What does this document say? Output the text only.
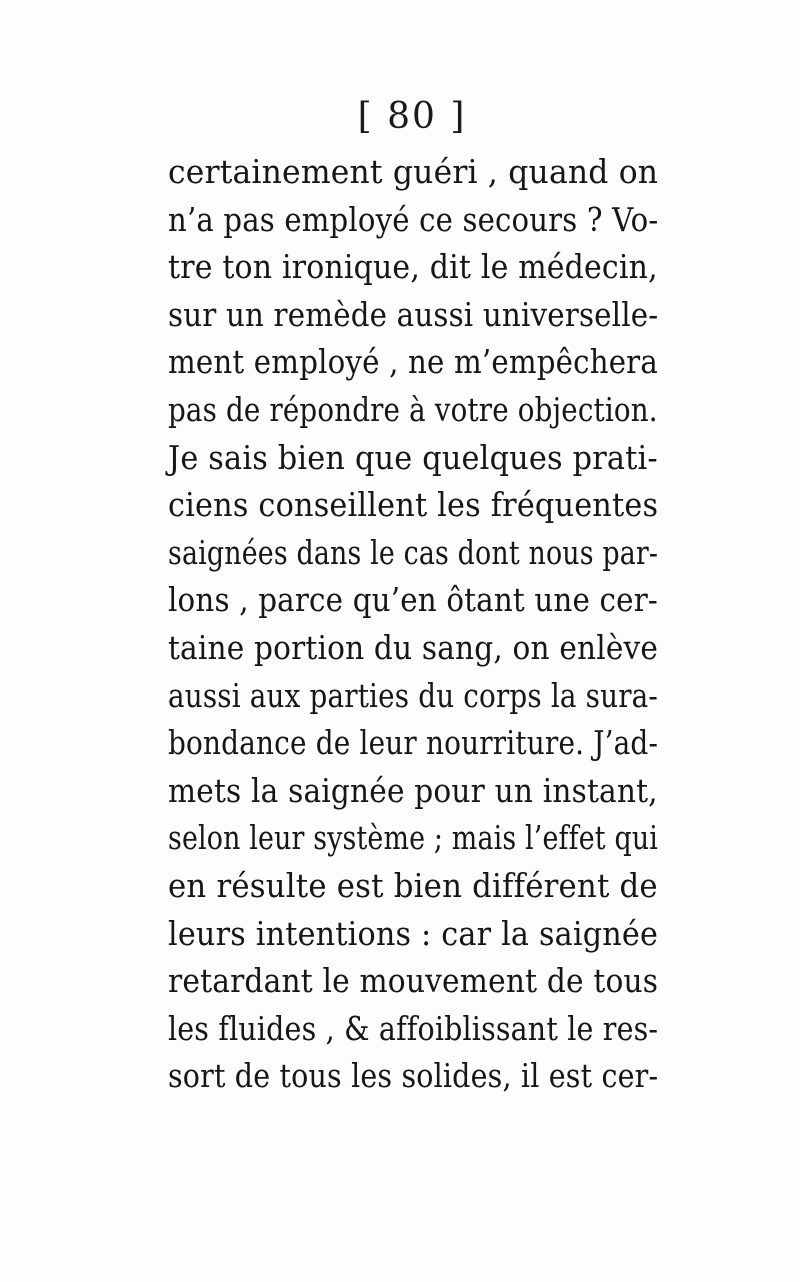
[ 80 ]
certainement guéri , quand on
n’a pas employé ce secours ? Vo-
tre ton ironique, dit le médecin,
sur un remède aussi universelle-
ment employé , ne m’empêchera
pas de répondre à votre objection.
Je sais bien que quelques prati-
ciens conseillent les fréquentes
saignées dans le cas dont nous par-
lons , parce qu’en ôtant une cer-
taine portion du sang, on enlève
aussi aux parties du corps la sura-
bondance de leur nourriture. J’ad-
mets la saignée pour un instant,
selon leur système ; mais l’effet qui
en résulte est bien différent de
leurs intentions : car la saignée
retardant le mouvement de tous
les fluides , & affoiblissant le res-
sort de tous les solides, il est cer-
